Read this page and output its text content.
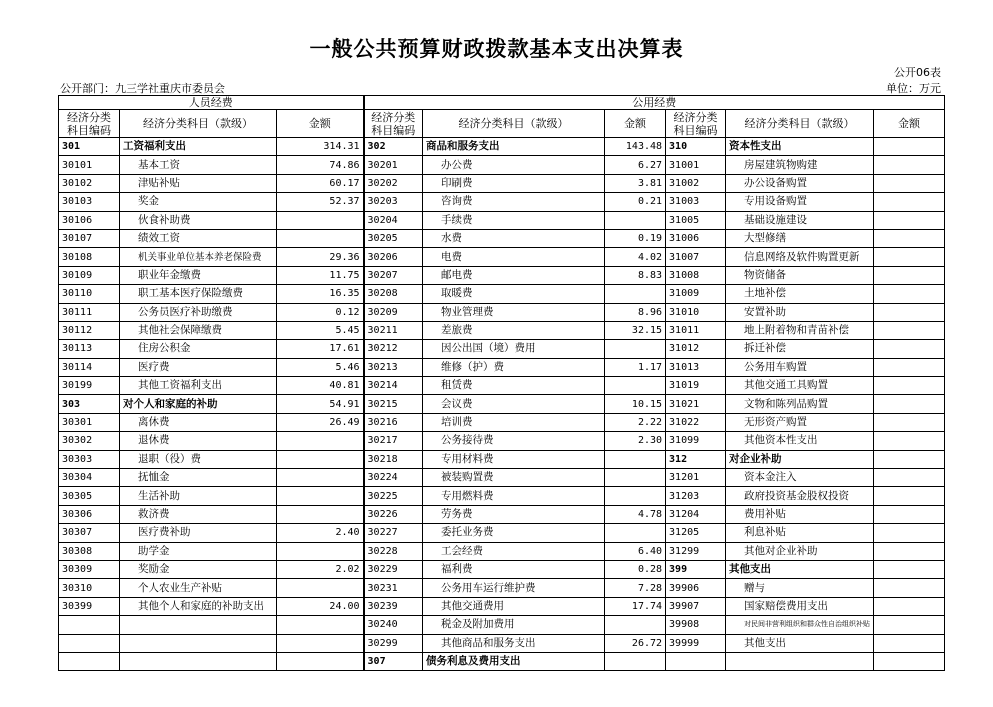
一般公共预算财政拨款基本支出决算表
公开06表
公开部门：九三学社重庆市委员会	单位：万元
人员经费			公用经费					
经济分类科目编码	经济分类科目（款级）	金额	经济分类科目编码	经济分类科目（款级）	金额	经济分类科目编码	经济分类科目（款级）	金额
301	工资福利支出	314.31	302	商品和服务支出	143.48	310	资本性支出	
30101	基本工资	74.86	30201	办公费	6.27	31001	房屋建筑物购建	
30102	津贴补贴	60.17	30202	印刷费	3.81	31002	办公设备购置	
30103	奖金	52.37	30203	咨询费	0.21	31003	专用设备购置	
30106	伙食补助费		30204	手续费		31005	基础设施建设	
30107	绩效工资		30205	水费	0.19	31006	大型修缮	
30108	机关事业单位基本养老保险费	29.36	30206	电费	4.02	31007	信息网络及软件购置更新	
30109	职业年金缴费	11.75	30207	邮电费	8.83	31008	物资储备	
30110	职工基本医疗保险缴费	16.35	30208	取暖费		31009	土地补偿	
30111	公务员医疗补助缴费	0.12	30209	物业管理费	8.96	31010	安置补助	
30112	其他社会保障缴费	5.45	30211	差旅费	32.15	31011	地上附着物和青苗补偿	
30113	住房公积金	17.61	30212	因公出国（境）费用		31012	拆迁补偿	
30114	医疗费	5.46	30213	维修（护）费	1.17	31013	公务用车购置	
30199	其他工资福利支出	40.81	30214	租赁费		31019	其他交通工具购置	
303	对个人和家庭的补助	54.91	30215	会议费	10.15	31021	文物和陈列品购置	
30301	离休费	26.49	30216	培训费	2.22	31022	无形资产购置	
30302	退休费		30217	公务接待费	2.30	31099	其他资本性支出	
30303	退职（役）费		30218	专用材料费		312	对企业补助	
30304	抚恤金		30224	被装购置费		31201	资本金注入	
30305	生活补助		30225	专用燃料费		31203	政府投资基金股权投资	
30306	救济费		30226	劳务费	4.78	31204	费用补贴	
30307	医疗费补助	2.40	30227	委托业务费		31205	利息补贴	
30308	助学金		30228	工会经费	6.40	31299	其他对企业补助	
30309	奖励金	2.02	30229	福利费	0.28	399	其他支出	
30310	个人农业生产补贴		30231	公务用车运行维护费	7.28	39906	赠与	
30399	其他个人和家庭的补助支出	24.00	30239	其他交通费用	17.74	39907	国家赔偿费用支出	
			30240	税金及附加费用		39908	对民间非营利组织和群众性自治组织补贴	
			30299	其他商品和服务支出	26.72	39999	其他支出	
			307	债务利息及费用支出				
